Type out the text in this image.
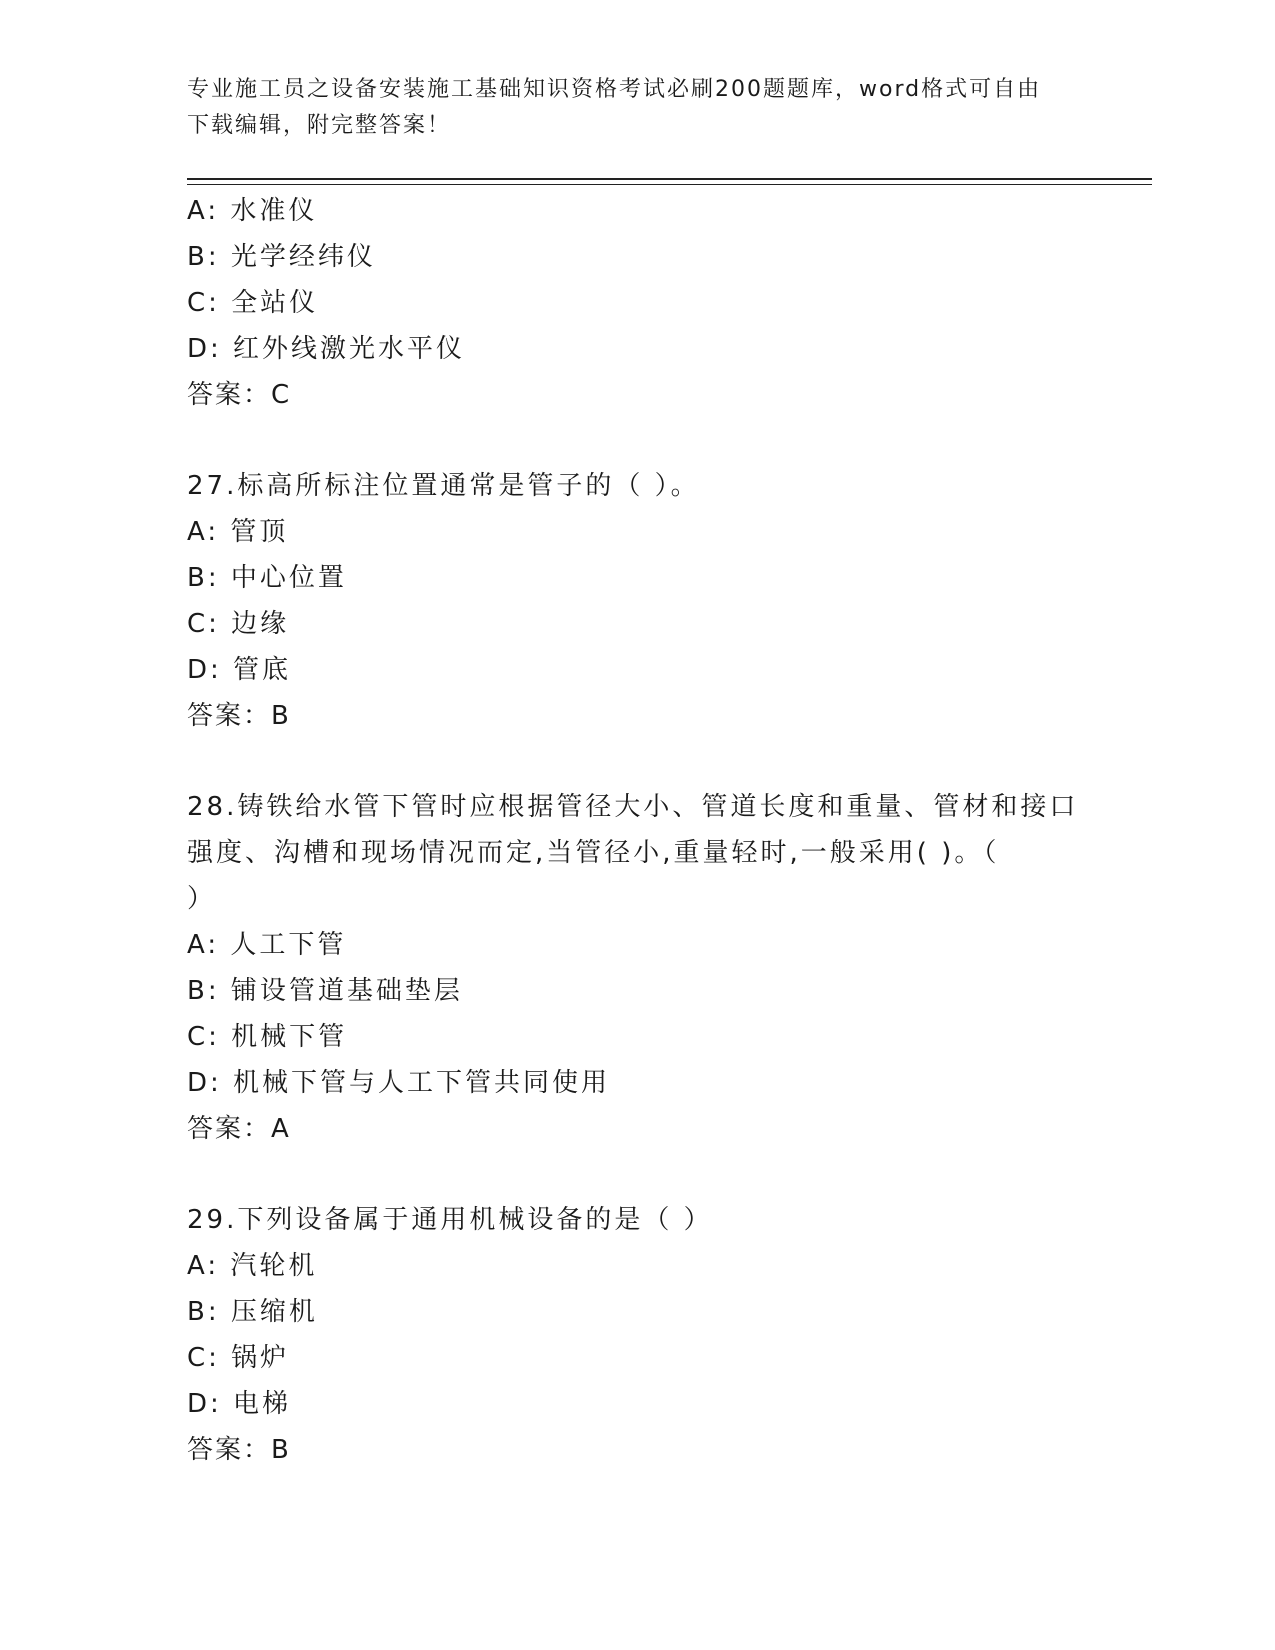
专业施工员之设备安装施工基础知识资格考试必刷200题题库，word格式可自由
下载编辑，附完整答案！
A: 水准仪
B: 光学经纬仪
C: 全站仪
D: 红外线激光水平仪
答案：C
27.标高所标注位置通常是管子的（ ）。
A: 管顶
B: 中心位置
C: 边缘
D: 管底
答案：B
28.铸铁给水管下管时应根据管径大小、管道长度和重量、管材和接口
强度、沟槽和现场情况而定,当管径小,重量轻时,一般采用( )。（
）
A: 人工下管
B: 铺设管道基础垫层
C: 机械下管
D: 机械下管与人工下管共同使用
答案：A
29.下列设备属于通用机械设备的是（ ）
A: 汽轮机
B: 压缩机
C: 锅炉
D: 电梯
答案：B
